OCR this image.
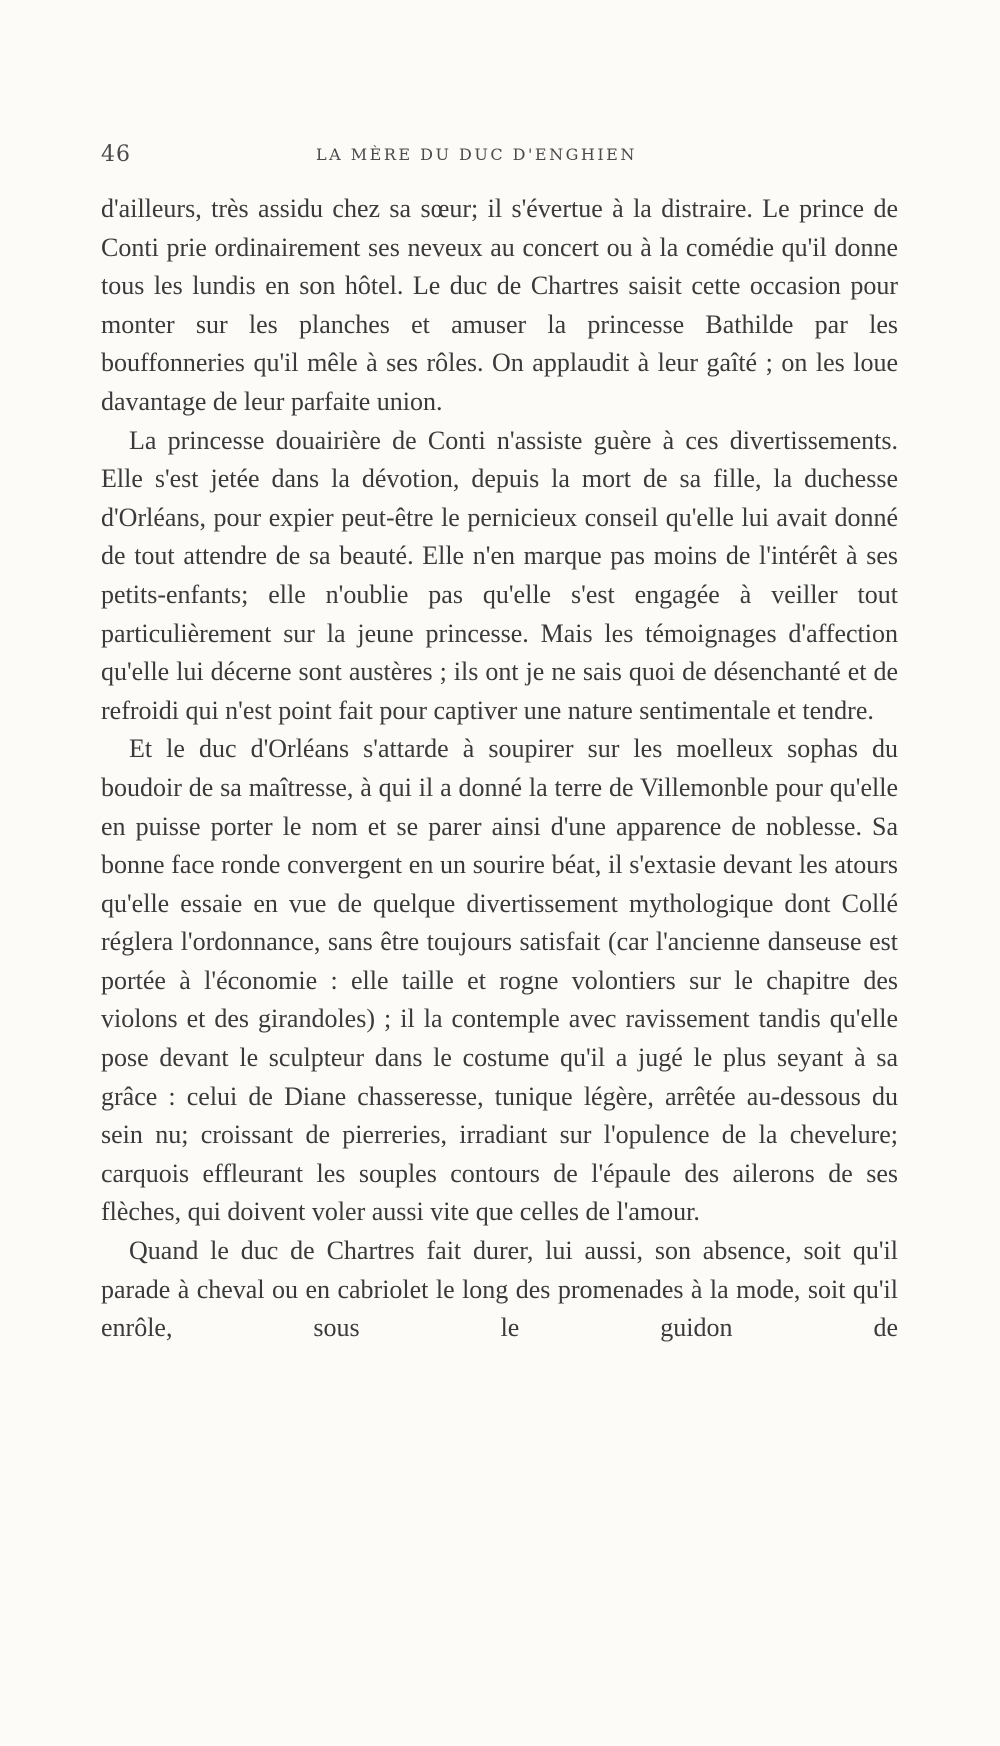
46	LA MÈRE DU DUC D'ENGHIEN

d'ailleurs, très assidu chez sa sœur; il s'évertue à la distraire. Le prince de Conti prie ordinairement ses neveux au concert ou à la comédie qu'il donne tous les lundis en son hôtel. Le duc de Chartres saisit cette occasion pour monter sur les planches et amuser la princesse Bathilde par les bouffonneries qu'il mêle à ses rôles. On applaudit à leur gaîté ; on les loue davantage de leur parfaite union.

La princesse douairière de Conti n'assiste guère à ces divertissements. Elle s'est jetée dans la dévotion, depuis la mort de sa fille, la duchesse d'Orléans, pour expier peut-être le pernicieux conseil qu'elle lui avait donné de tout attendre de sa beauté. Elle n'en marque pas moins de l'intérêt à ses petits-enfants; elle n'oublie pas qu'elle s'est engagée à veiller tout particulièrement sur la jeune princesse. Mais les témoignages d'affection qu'elle lui décerne sont austères ; ils ont je ne sais quoi de désenchanté et de refroidi qui n'est point fait pour captiver une nature sentimentale et tendre.

Et le duc d'Orléans s'attarde à soupirer sur les moelleux sophas du boudoir de sa maîtresse, à qui il a donné la terre de Villemonble pour qu'elle en puisse porter le nom et se parer ainsi d'une apparence de noblesse. Sa bonne face ronde convergent en un sourire béat, il s'extasie devant les atours qu'elle essaie en vue de quelque divertissement mythologique dont Collé réglera l'ordonnance, sans être toujours satisfait (car l'ancienne danseuse est portée à l'économie : elle taille et rogne volontiers sur le chapitre des violons et des girandoles) ; il la contemple avec ravissement tandis qu'elle pose devant le sculpteur dans le costume qu'il a jugé le plus seyant à sa grâce : celui de Diane chasseresse, tunique légère, arrêtée au-dessous du sein nu; croissant de pierreries, irradiant sur l'opulence de la chevelure; carquois effleurant les souples contours de l'épaule des ailerons de ses flèches, qui doivent voler aussi vite que celles de l'amour.

Quand le duc de Chartres fait durer, lui aussi, son absence, soit qu'il parade à cheval ou en cabriolet le long des promenades à la mode, soit qu'il enrôle, sous le guidon de
